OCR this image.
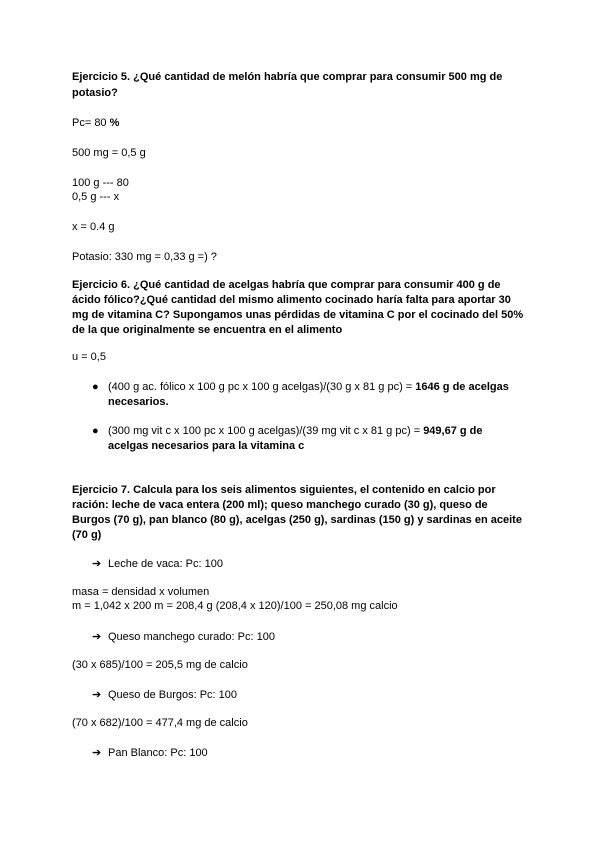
Ejercicio 5. ¿Qué cantidad de melón habría que comprar para consumir 500 mg de
potasio?
Pc= 80 %
500 mg = 0,5 g
100 g --- 80
0,5 g --- x
x = 0.4 g
Potasio: 330 mg = 0,33 g =) ?
Ejercicio 6. ¿Qué cantidad de acelgas habría que comprar para consumir 400 g de
ácido fólico?¿Qué cantidad del mismo alimento cocinado haría falta para aportar 30
mg de vitamina C? Supongamos unas pérdidas de vitamina C por el cocinado del 50%
de la que originalmente se encuentra en el alimento
u = 0,5
● (400 g ac. fólico x 100 g pc x 100 g acelgas)/(30 g x 81 g pc) = 1646 g de acelgas
necesarios.
● (300 mg vit c x 100 pc x 100 g acelgas)/(39 mg vit c x 81 g pc) = 949,67 g de
acelgas necesarios para la vitamina c
Ejercicio 7. Calcula para los seis alimentos siguientes, el contenido en calcio por
ración: leche de vaca entera (200 ml); queso manchego curado (30 g), queso de
Burgos (70 g), pan blanco (80 g), acelgas (250 g), sardinas (150 g) y sardinas en aceite
(70 g)
➔ Leche de vaca: Pc: 100
masa = densidad x volumen
m = 1,042 x 200 m = 208,4 g (208,4 x 120)/100 = 250,08 mg calcio
➔ Queso manchego curado: Pc: 100
(30 x 685)/100 = 205,5 mg de calcio
➔ Queso de Burgos: Pc: 100
(70 x 682)/100 = 477,4 mg de calcio
➔ Pan Blanco: Pc: 100
